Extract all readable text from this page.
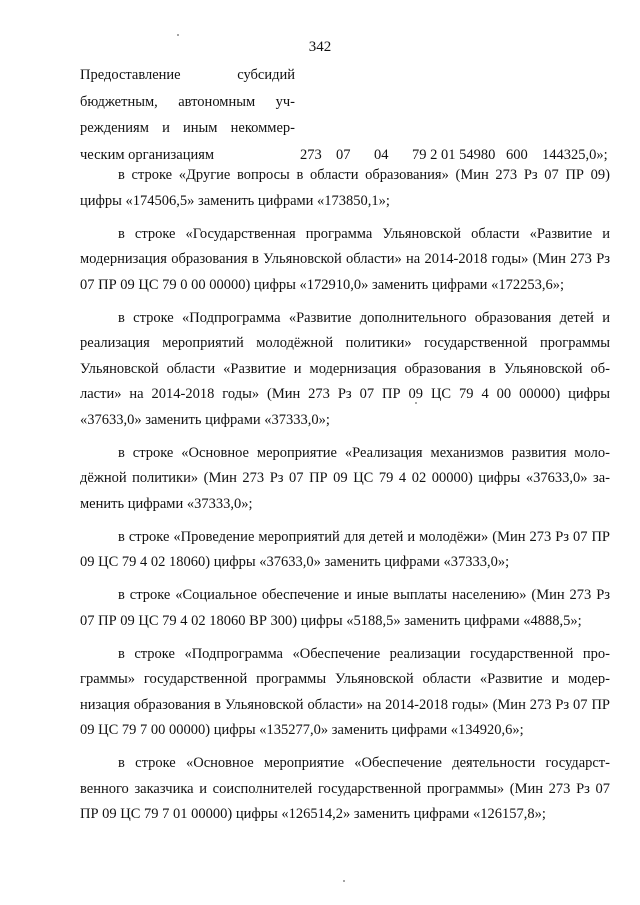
342
Предоставление субсидий
бюджетным, автономным уч-
реждениям и иным некоммер-
ческим организациям	273 07 04 79 2 01 54980 600 144325,0»;

в строке «Другие вопросы в области образования» (Мин 273 Рз 07 ПР 09) цифры «174506,5» заменить цифрами «173850,1»;

в строке «Государственная программа Ульяновской области «Развитие и модернизация образования в Ульяновской области» на 2014-2018 годы» (Мин 273 Рз 07 ПР 09 ЦС 79 0 00 00000) цифры «172910,0» заменить цифрами «172253,6»;

в строке «Подпрограмма «Развитие дополнительного образования детей и реализация мероприятий молодёжной политики» государственной программы Ульяновской области «Развитие и модернизация образования в Ульяновской области» на 2014-2018 годы» (Мин 273 Рз 07 ПР 09 ЦС 79 4 00 00000) цифры «37633,0» заменить цифрами «37333,0»;

в строке «Основное мероприятие «Реализация механизмов развития молодёжной политики» (Мин 273 Рз 07 ПР 09 ЦС 79 4 02 00000) цифры «37633,0» заменить цифрами «37333,0»;

в строке «Проведение мероприятий для детей и молодёжи» (Мин 273 Рз 07 ПР 09 ЦС 79 4 02 18060) цифры «37633,0» заменить цифрами «37333,0»;

в строке «Социальное обеспечение и иные выплаты населению» (Мин 273 Рз 07 ПР 09 ЦС 79 4 02 18060 ВР 300) цифры «5188,5» заменить цифрами «4888,5»;

в строке «Подпрограмма «Обеспечение реализации государственной программы» государственной программы Ульяновской области «Развитие и модернизация образования в Ульяновской области» на 2014-2018 годы» (Мин 273 Рз 07 ПР 09 ЦС 79 7 00 00000) цифры «135277,0» заменить цифрами «134920,6»;

в строке «Основное мероприятие «Обеспечение деятельности государственного заказчика и соисполнителей государственной программы» (Мин 273 Рз 07 ПР 09 ЦС 79 7 01 00000) цифры «126514,2» заменить цифрами «126157,8»;
